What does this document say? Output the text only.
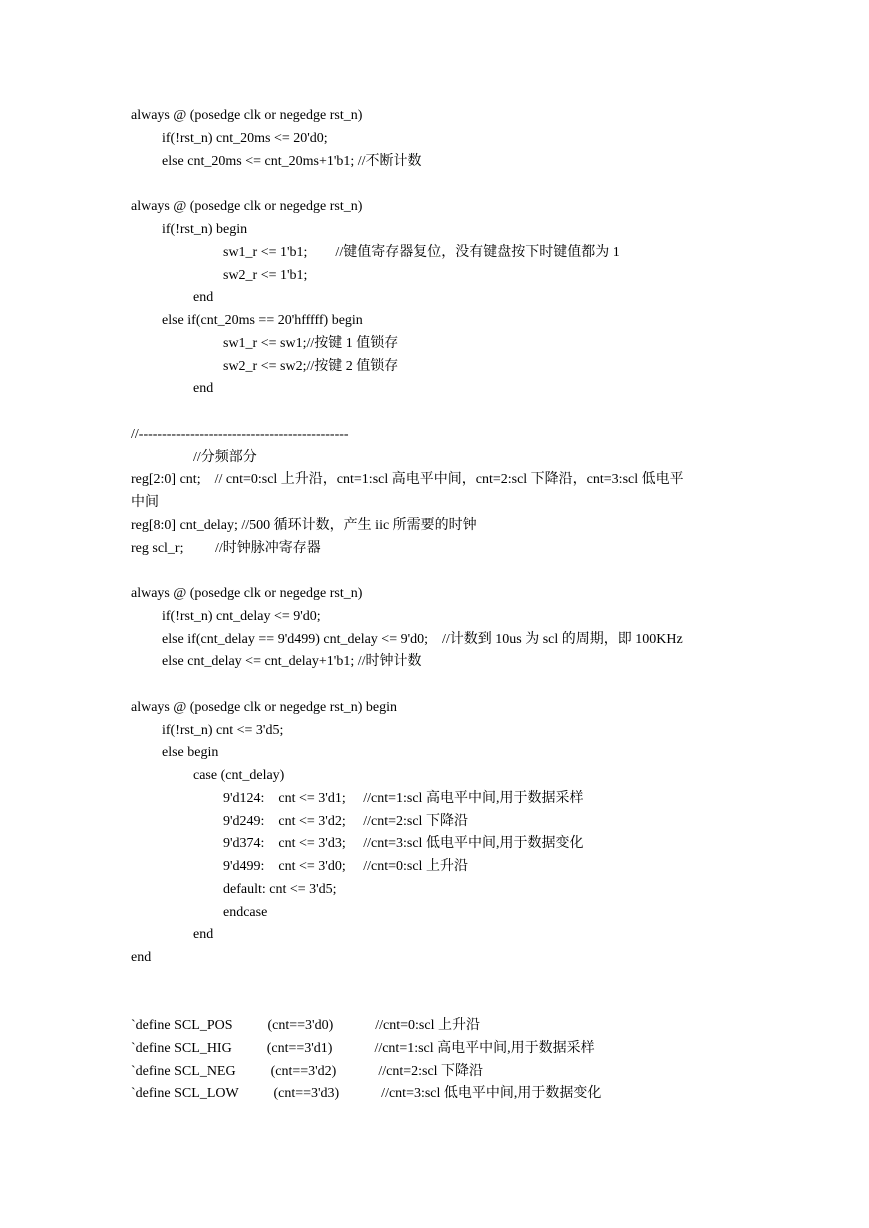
always @ (posedge clk or negedge rst_n)

if(!rst_n) cnt_20ms <= 20'd0;

else cnt_20ms <= cnt_20ms+1'b1; //不断计数

always @ (posedge clk or negedge rst_n)

if(!rst_n) begin

sw1_r <= 1'b1;        //键值寄存器复位，没有键盘按下时键值都为 1

sw2_r <= 1'b1;

end

else if(cnt_20ms == 20'hfffff) begin

sw1_r <= sw1;//按键 1 值锁存

sw2_r <= sw2;//按键 2 值锁存

end

//---------------------------------------------

//分频部分

reg[2:0] cnt;    // cnt=0:scl 上升沿，cnt=1:scl 高电平中间，cnt=2:scl 下降沿，cnt=3:scl 低电平

中间

reg[8:0] cnt_delay; //500 循环计数，产生 iic 所需要的时钟

reg scl_r;         //时钟脉冲寄存器

always @ (posedge clk or negedge rst_n)

if(!rst_n) cnt_delay <= 9'd0;

else if(cnt_delay == 9'd499) cnt_delay <= 9'd0;    //计数到 10us 为 scl 的周期，即 100KHz

else cnt_delay <= cnt_delay+1'b1; //时钟计数

always @ (posedge clk or negedge rst_n) begin

if(!rst_n) cnt <= 3'd5;

else begin

case (cnt_delay)

9'd124:    cnt <= 3'd1;     //cnt=1:scl 高电平中间,用于数据采样

9'd249:    cnt <= 3'd2;     //cnt=2:scl 下降沿

9'd374:    cnt <= 3'd3;     //cnt=3:scl 低电平中间,用于数据变化

9'd499:    cnt <= 3'd0;     //cnt=0:scl 上升沿

default: cnt <= 3'd5;

endcase

end

end

`define SCL_POS          (cnt==3'd0)            //cnt=0:scl 上升沿

`define SCL_HIG          (cnt==3'd1)            //cnt=1:scl 高电平中间,用于数据采样

`define SCL_NEG          (cnt==3'd2)            //cnt=2:scl 下降沿

`define SCL_LOW          (cnt==3'd3)            //cnt=3:scl 低电平中间,用于数据变化
